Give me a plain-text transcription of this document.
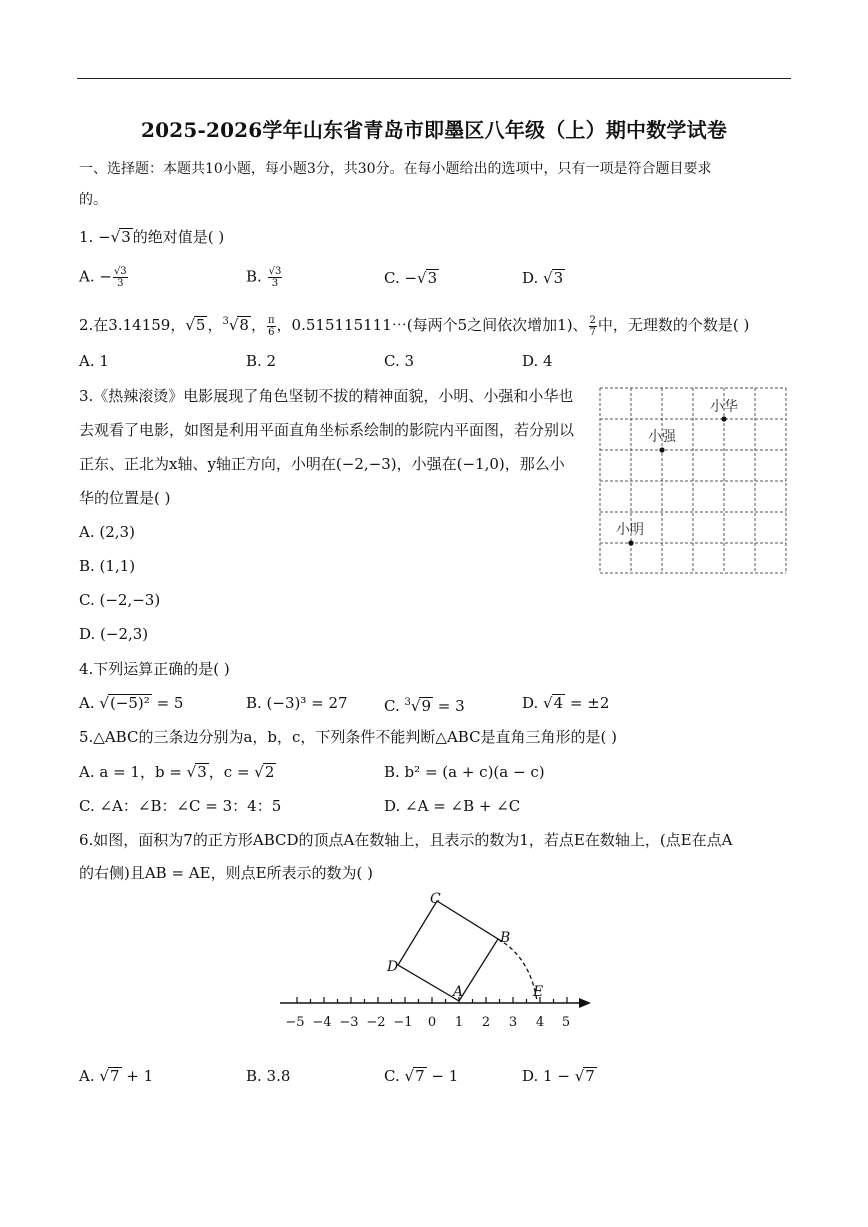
2025-2026学年山东省青岛市即墨区八年级（上）期中数学试卷
一、选择题：本题共10小题，每小题3分，共30分。在每小题给出的选项中，只有一项是符合题目要求
的。
1. −√3 的绝对值是( )
A. − $\frac{√3}{3}$	B. $\frac{√3}{3}$	C. −√3	D. √3
2.在3.14159，√5 ，$^3$√8 ， $\frac{\pi}{6}$ ，0.515115111⋯(每两个5之间依次增加1)、 $\frac{2}{7}$ 中，无理数的个数是( )
A. 1	B. 2	C. 3	D. 4
3.《热辣滚烫》电影展现了角色坚韧不拔的精神面貌，小明、小强和小华也
去观看了电影，如图是利用平面直角坐标系绘制的影院内平面图，若分别以
正东、正北为x轴、y轴正方向，小明在(−2,−3)，小强在(−1,0)，那么小
华的位置是( )
A. (2,3)
B. (1,1)
C. (−2,−3)
D. (−2,3)
小华
小强
小明
4.下列运算正确的是( )
A. √(−5)² = 5	B. (−3)³ = 27 C. $^3$√9 = 3	D. √4 = ±2
5.△ABC的三条边分别为a，b，c，下列条件不能判断△ABC是直角三角形的是( )
A. a = 1，b = √3 ，c = √2	B. b² = (a + c)(a − c)
C. ∠A：∠B：∠C = 3：4：5	D. ∠A = ∠B + ∠C
6.如图，面积为7的正方形ABCD的顶点A在数轴上，且表示的数为1，若点E在数轴上，(点E在点A
的右侧)且AB = AE，则点E所表示的数为( )
−5 −4 −3 −2 −1 0 1 2 3 4 5
A
B
C
D
E
A. √7 + 1	B. 3.8	C. √7 − 1	D. 1 − √7
